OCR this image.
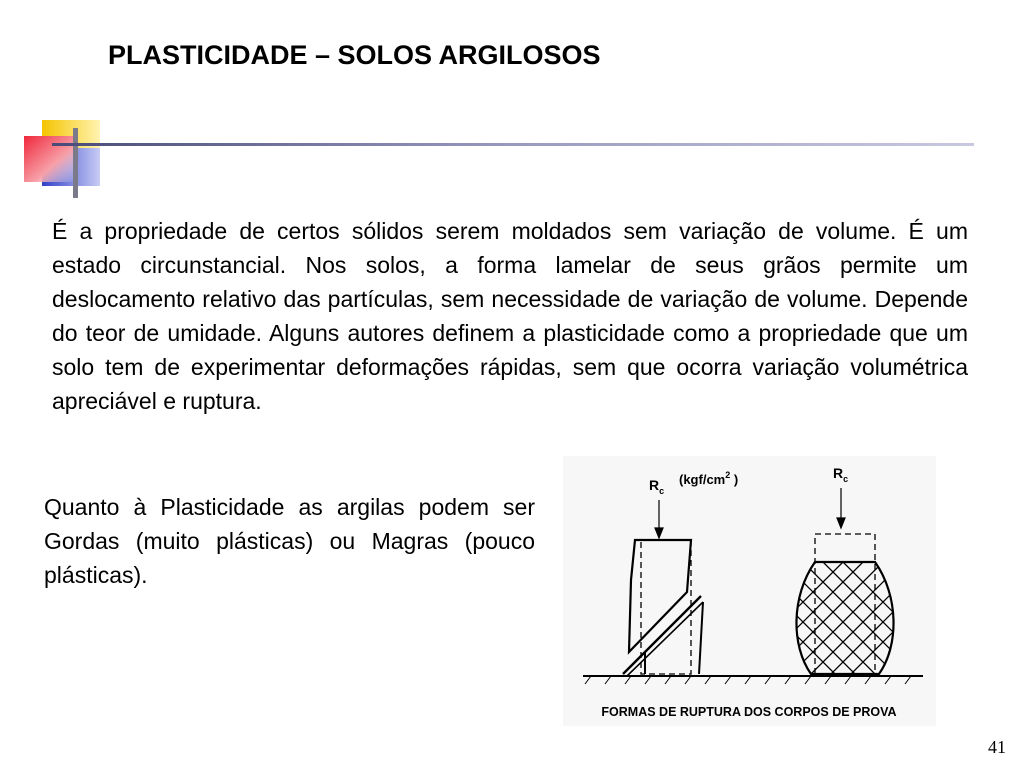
PLASTICIDADE – SOLOS ARGILOSOS
É a propriedade de certos sólidos serem moldados sem variação de volume. É um estado circunstancial. Nos solos, a forma lamelar de seus grãos permite um deslocamento relativo das partículas, sem necessidade de variação de volume. Depende do teor de umidade. Alguns autores definem a plasticidade como a propriedade que um solo tem de experimentar deformações rápidas, sem que ocorra variação volumétrica apreciável e ruptura.
Quanto à Plasticidade as argilas podem ser Gordas (muito plásticas) ou Magras (pouco plásticas).
$R_c$
($kgf/cm^2$ )	$R_c$
FORMAS DE RUPTURA DOS CORPOS DE PROVA
41
